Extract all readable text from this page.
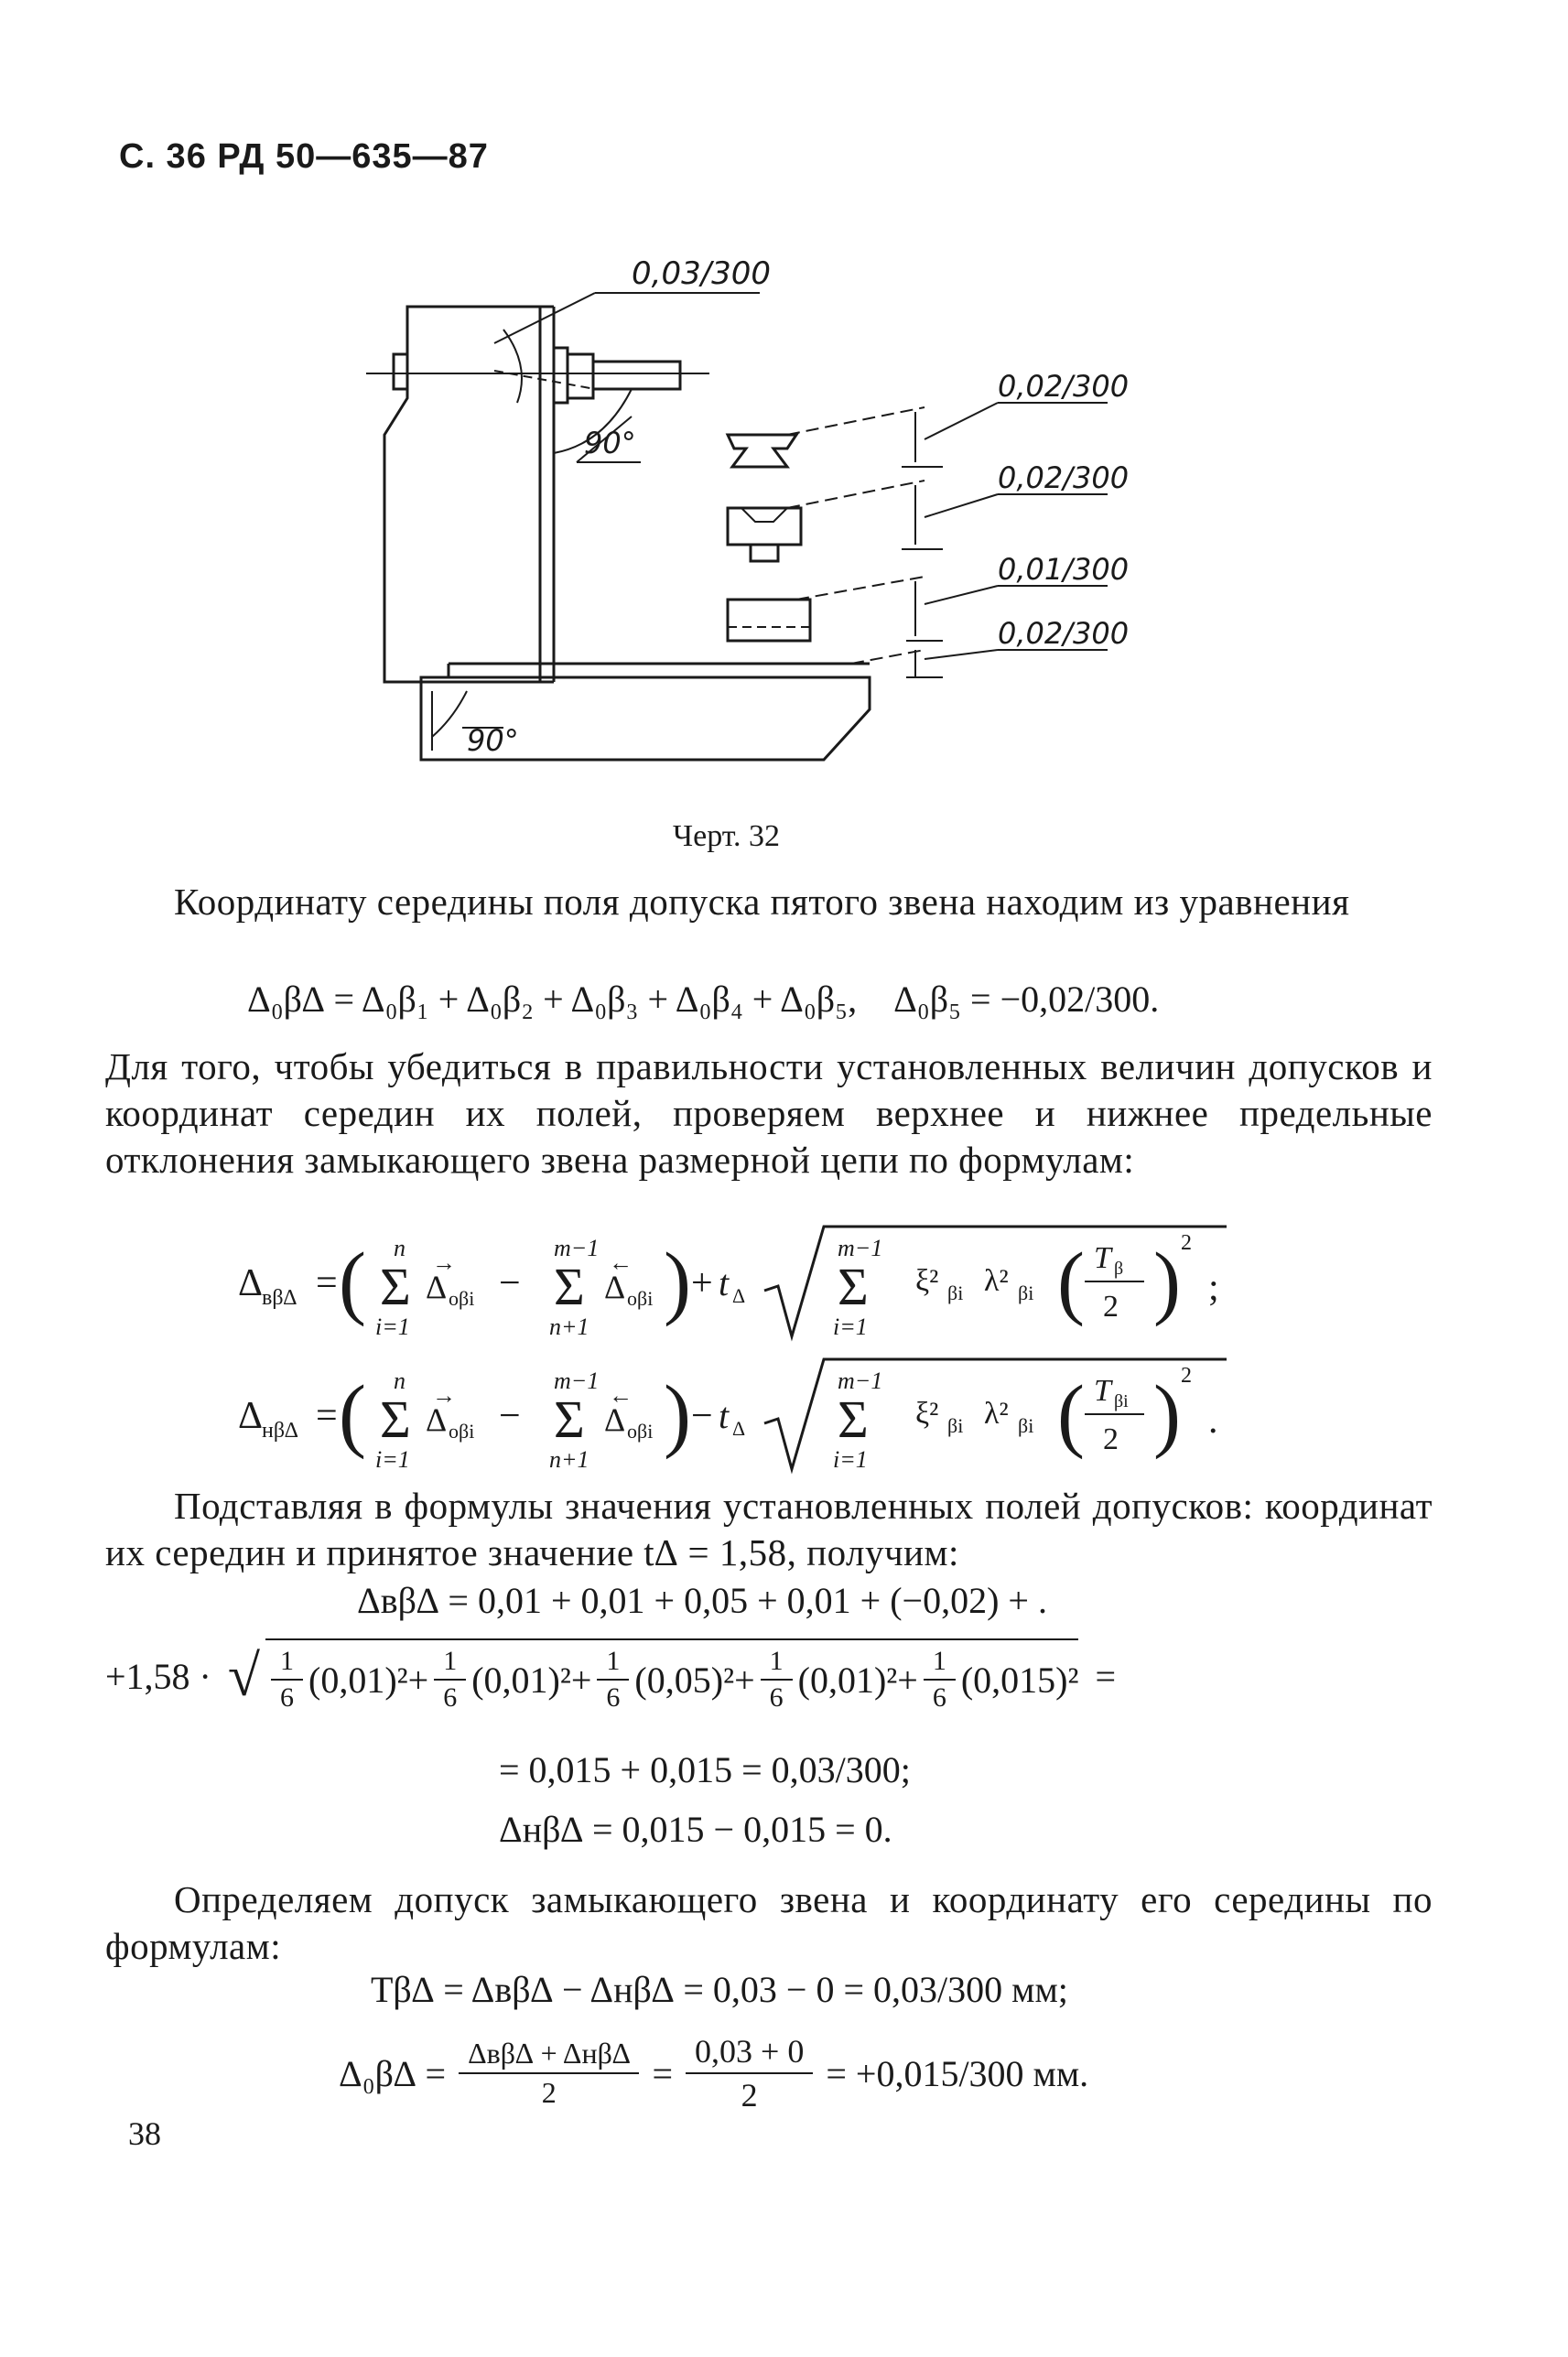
С. 36 РД 50—635—87
0,03/300
90°
90°
0,02/300
0,02/300
0,01/300
0,02/300
Черт. 32
Координату середины поля допуска пятого звена находим из уравнения
Δ₀β∆ = Δ₀β₁ + Δ₀β₂ + Δ₀β₃ + Δ₀β₄ + Δ₀β₅, Δ₀β₅ = −0,02/300.
Для того, чтобы убедиться в правильности установленных величин допусков и координат середин их полей, проверяем верхнее и нижнее предельные отклонения замыкающего звена размерной цепи по формулам:
Δ
вβ∆ = ( n
Σ
i=1
Δ oβi
→ −
m−1
Σ
n+1
Δ oβi
← ) + t Δ
m−1
Σ
i=1
ξ² βi λ² βi ( T β
2 ) 2
;
Δ
нβ∆ = ( n
Σ
i=1
Δ oβi
→ −
m−1
Σ
n+1
Δ oβi
← ) − t Δ
m−1
Σ
i=1
ξ² βi λ² βi ( T βi
2 ) 2
.
Подставляя в формулы значения установленных полей допусков: координат их середин и принятое значение t∆ = 1,58, получим:
Δвβ∆ = 0,01 + 0,01 + 0,05 + 0,01 + (−0,02) + .
+1,58 · √ $\frac{1}{6} (0,01)^2 + \frac{1}{6} (0,01)^2 + \frac{1}{6} (0,05)^2 + \frac{1}{6} (0,01)^2 + \frac{1}{6} (0,015)^2$ =
= 0,015 + 0,015 = 0,03/300;
Δнβ∆ = 0,015 − 0,015 = 0.
Определяем допуск замыкающего звена и координату его середины по формулам:
Tβ∆ = Δвβ∆ − Δнβ∆ = 0,03 − 0 = 0,03/300 мм;
$\Delta_0\beta\Delta = \frac{\text{Δвβ∆ + Δнβ∆}}{2} = \frac{0,03 + 0}{2} = +0,015/300$ мм.
38
